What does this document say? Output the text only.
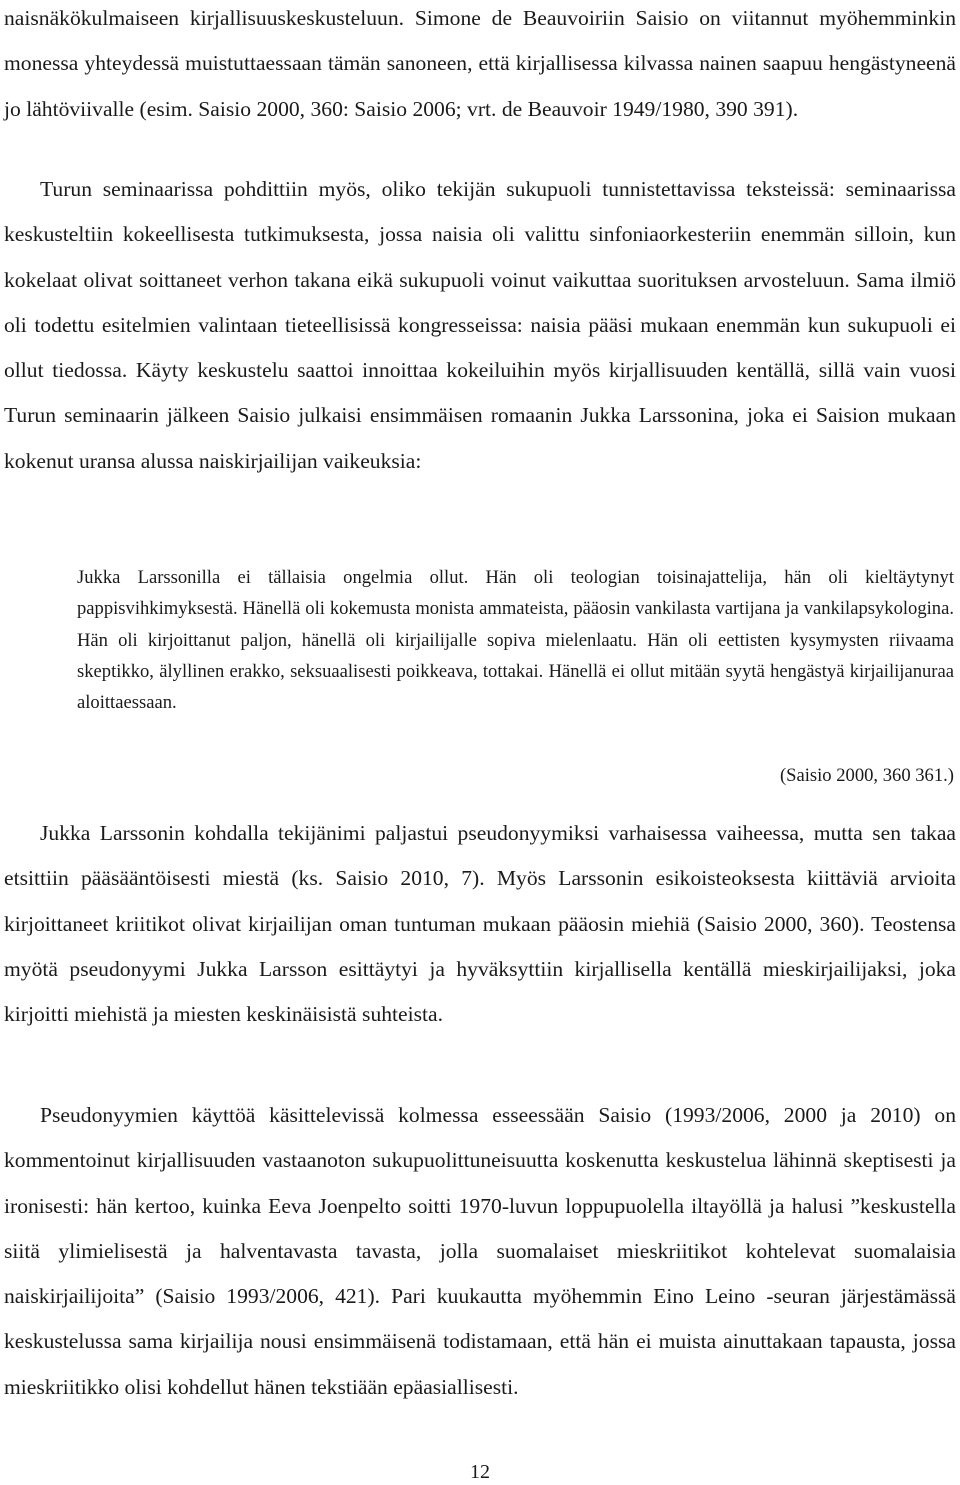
naisnäkökulmaiseen kirjallisuuskeskusteluun. Simone de Beauvoiriin Saisio on viitannut myöhemminkin monessa yhteydessä muistuttaessaan tämän sanoneen, että kirjallisessa kilvassa nainen saapuu hengästyneenä jo lähtöviivalle (esim. Saisio 2000, 360: Saisio 2006; vrt. de Beauvoir 1949/1980, 390 391).

Turun seminaarissa pohdittiin myös, oliko tekijän sukupuoli tunnistettavissa teksteissä: seminaarissa keskusteltiin kokeellisesta tutkimuksesta, jossa naisia oli valittu sinfoniaorkesteriin enemmän silloin, kun kokelaat olivat soittaneet verhon takana eikä sukupuoli voinut vaikuttaa suorituksen arvosteluun. Sama ilmiö oli todettu esitelmien valintaan tieteellisissä kongresseissa: naisia pääsi mukaan enemmän kun sukupuoli ei ollut tiedossa. Käyty keskustelu saattoi innoittaa kokeiluihin myös kirjallisuuden kentällä, sillä vain vuosi Turun seminaarin jälkeen Saisio julkaisi ensimmäisen romaanin Jukka Larssonina, joka ei Saision mukaan kokenut uransa alussa naiskirjailijan vaikeuksia:

Jukka Larssonilla ei tällaisia ongelmia ollut. Hän oli teologian toisinajattelija, hän oli kieltäytynyt pappisvihkimyksestä. Hänellä oli kokemusta monista ammateista, pääosin vankilasta vartijana ja vankilapsykologina. Hän oli kirjoittanut paljon, hänellä oli kirjailijalle sopiva mielenlaatu. Hän oli eettisten kysymysten riivaama skeptikko, älyllinen erakko, seksuaalisesti poikkeava, tottakai. Hänellä ei ollut mitään syytä hengästyä kirjailijanuraa aloittaessaan.

(Saisio 2000, 360 361.)

Jukka Larssonin kohdalla tekijänimi paljastui pseudonyymiksi varhaisessa vaiheessa, mutta sen takaa etsittiin pääsääntöisesti miestä (ks. Saisio 2010, 7). Myös Larssonin esikoisteoksesta kiittäviä arvioita kirjoittaneet kriitikot olivat kirjailijan oman tuntuman mukaan pääosin miehiä (Saisio 2000, 360). Teostensa myötä pseudonyymi Jukka Larsson esittäytyi ja hyväksyttiin kirjallisella kentällä mieskirjailijaksi, joka kirjoitti miehistä ja miesten keskinäisistä suhteista.

Pseudonyymien käyttöä käsittelevissä kolmessa esseessään Saisio (1993/2006, 2000 ja 2010) on kommentoinut kirjallisuuden vastaanoton sukupuolittuneisuutta koskenutta keskustelua lähinnä skeptisesti ja ironisesti: hän kertoo, kuinka Eeva Joenpelto soitti 1970-luvun loppupuolella iltayöllä ja halusi ”keskustella siitä ylimielisestä ja halventavasta tavasta, jolla suomalaiset mieskriitikot kohtelevat suomalaisia naiskirjailijoita” (Saisio 1993/2006, 421). Pari kuukautta myöhemmin Eino Leino -seuran järjestämässä keskustelussa sama kirjailija nousi ensimmäisenä todistamaan, että hän ei muista ainuttakaan tapausta, jossa mieskriitikko olisi kohdellut hänen tekstiään epäasiallisesti.

12
